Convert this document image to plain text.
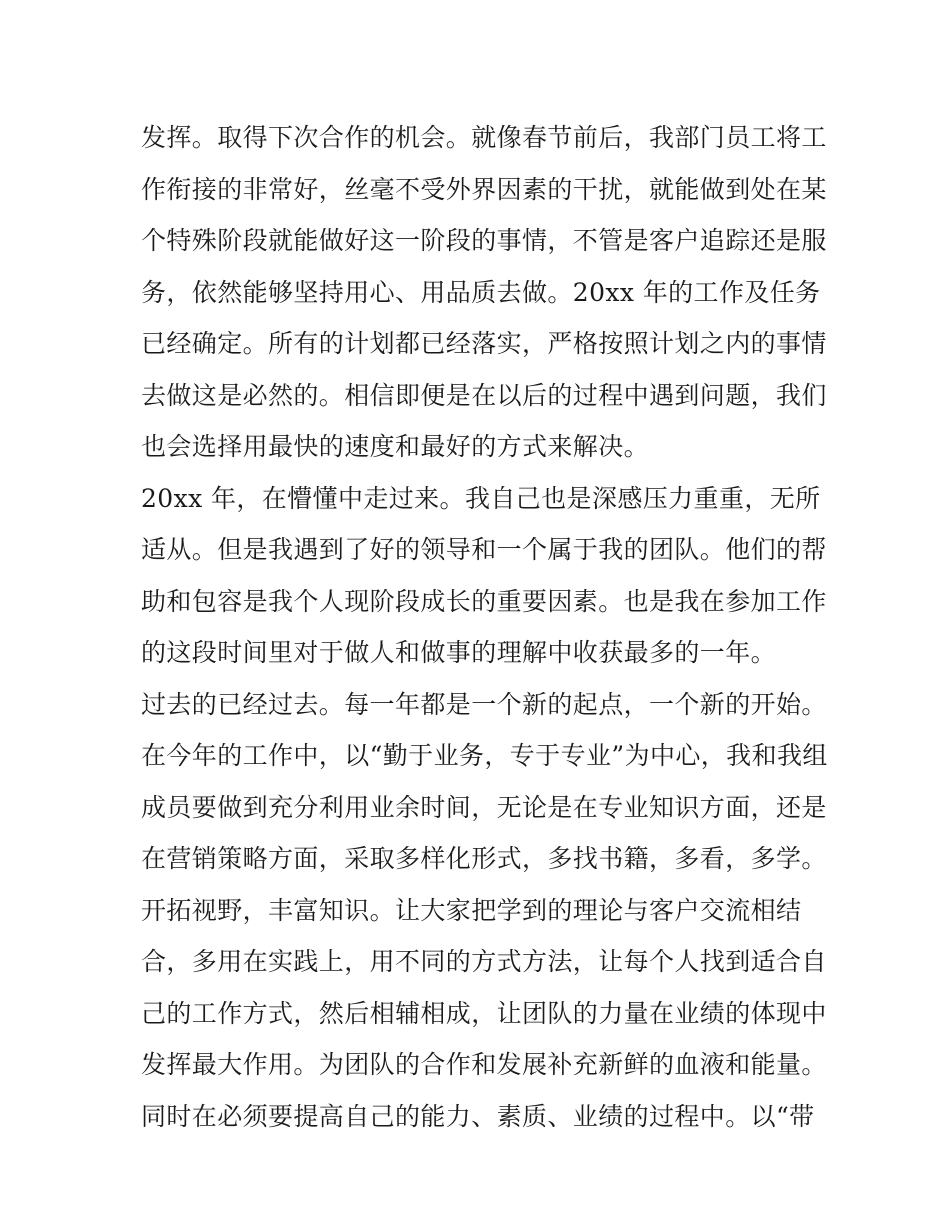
发挥。取得下次合作的机会。就像春节前后，我部门员工将工
作衔接的非常好，丝毫不受外界因素的干扰，就能做到处在某
个特殊阶段就能做好这一阶段的事情，不管是客户追踪还是服
务，依然能够坚持用心、用品质去做。20xx 年的工作及任务
已经确定。所有的计划都已经落实，严格按照计划之内的事情
去做这是必然的。相信即便是在以后的过程中遇到问题，我们
也会选择用最快的速度和最好的方式来解决。
20xx 年，在懵懂中走过来。我自己也是深感压力重重，无所
适从。但是我遇到了好的领导和一个属于我的团队。他们的帮
助和包容是我个人现阶段成长的重要因素。也是我在参加工作
的这段时间里对于做人和做事的理解中收获最多的一年。
过去的已经过去。每一年都是一个新的起点，一个新的开始。
在今年的工作中，以“勤于业务，专于专业”为中心，我和我组
成员要做到充分利用业余时间，无论是在专业知识方面，还是
在营销策略方面，采取多样化形式，多找书籍，多看，多学。
开拓视野，丰富知识。让大家把学到的理论与客户交流相结
合，多用在实践上，用不同的方式方法，让每个人找到适合自
己的工作方式，然后相辅相成，让团队的力量在业绩的体现中
发挥最大作用。为团队的合作和发展补充新鲜的血液和能量。
同时在必须要提高自己的能力、素质、业绩的过程中。以“带
